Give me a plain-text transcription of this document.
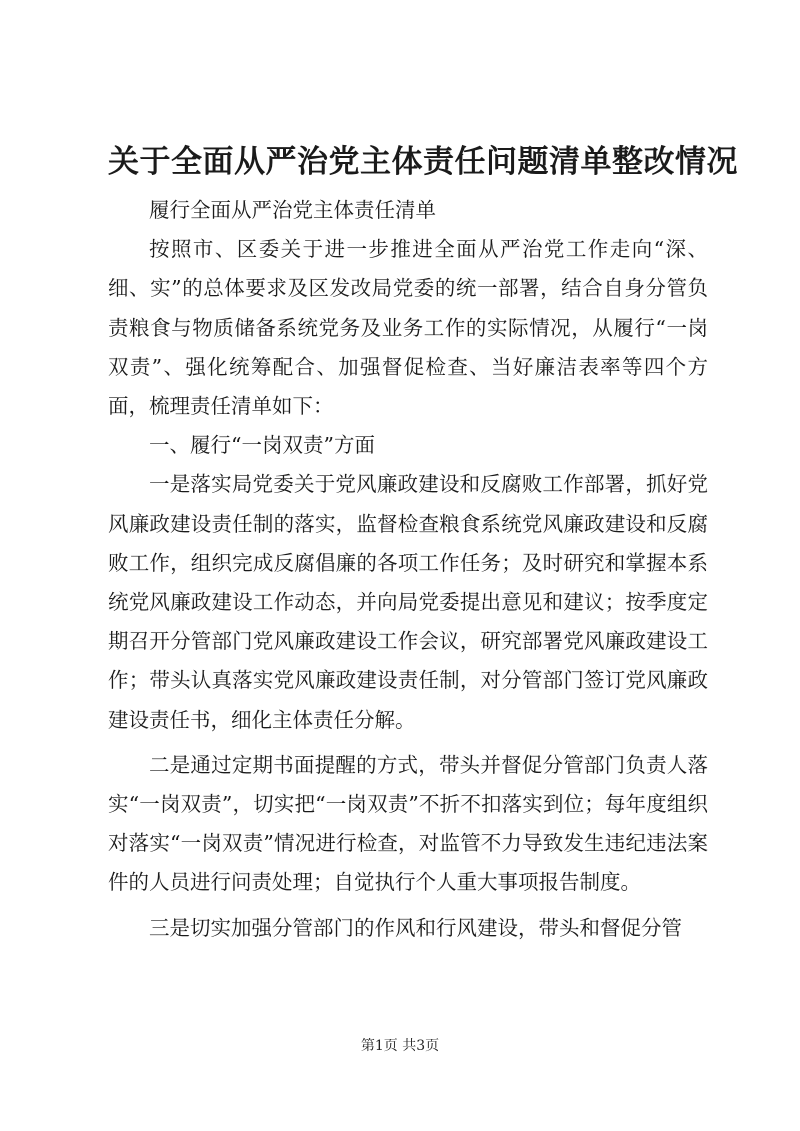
关于全面从严治党主体责任问题清单整改情况

履行全面从严治党主体责任清单

按照市、区委关于进一步推进全面从严治党工作走向“深、细、实”的总体要求及区发改局党委的统一部署，结合自身分管负责粮食与物质储备系统党务及业务工作的实际情况，从履行“一岗双责”、强化统筹配合、加强督促检查、当好廉洁表率等四个方面，梳理责任清单如下：

一、履行“一岗双责”方面

一是落实局党委关于党风廉政建设和反腐败工作部署，抓好党风廉政建设责任制的落实，监督检查粮食系统党风廉政建设和反腐败工作，组织完成反腐倡廉的各项工作任务；及时研究和掌握本系统党风廉政建设工作动态，并向局党委提出意见和建议；按季度定期召开分管部门党风廉政建设工作会议，研究部署党风廉政建设工作；带头认真落实党风廉政建设责任制，对分管部门签订党风廉政建设责任书，细化主体责任分解。

二是通过定期书面提醒的方式，带头并督促分管部门负责人落实“一岗双责”，切实把“一岗双责”不折不扣落实到位；每年度组织对落实“一岗双责”情况进行检查，对监管不力导致发生违纪违法案件的人员进行问责处理；自觉执行个人重大事项报告制度。

三是切实加强分管部门的作风和行风建设，带头和督促分管

第1页 共3页
